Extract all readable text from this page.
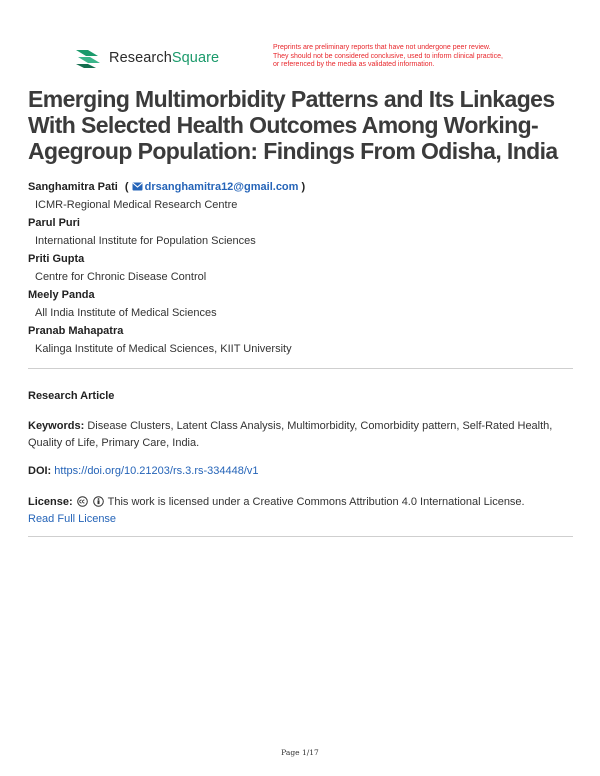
ResearchSquare
Preprints are preliminary reports that have not undergone peer review.
They should not be considered conclusive, used to inform clinical practice,
or referenced by the media as validated information.
Emerging Multimorbidity Patterns and Its Linkages With Selected Health Outcomes Among Working-Agegroup Population: Findings From Odisha, India
Sanghamitra Pati ( drsanghamitra12@gmail.com )
ICMR-Regional Medical Research Centre
Parul Puri
International Institute for Population Sciences
Priti Gupta
Centre for Chronic Disease Control
Meely Panda
All India Institute of Medical Sciences
Pranab Mahapatra
Kalinga Institute of Medical Sciences, KIIT University
Research Article
Keywords: Disease Clusters, Latent Class Analysis, Multimorbidity, Comorbidity pattern, Self-Rated Health, Quality of Life, Primary Care, India.
DOI: https://doi.org/10.21203/rs.3.rs-334448/v1
License:	This work is licensed under a Creative Commons Attribution 4.0 International License.
Read Full License
Page 1/17
